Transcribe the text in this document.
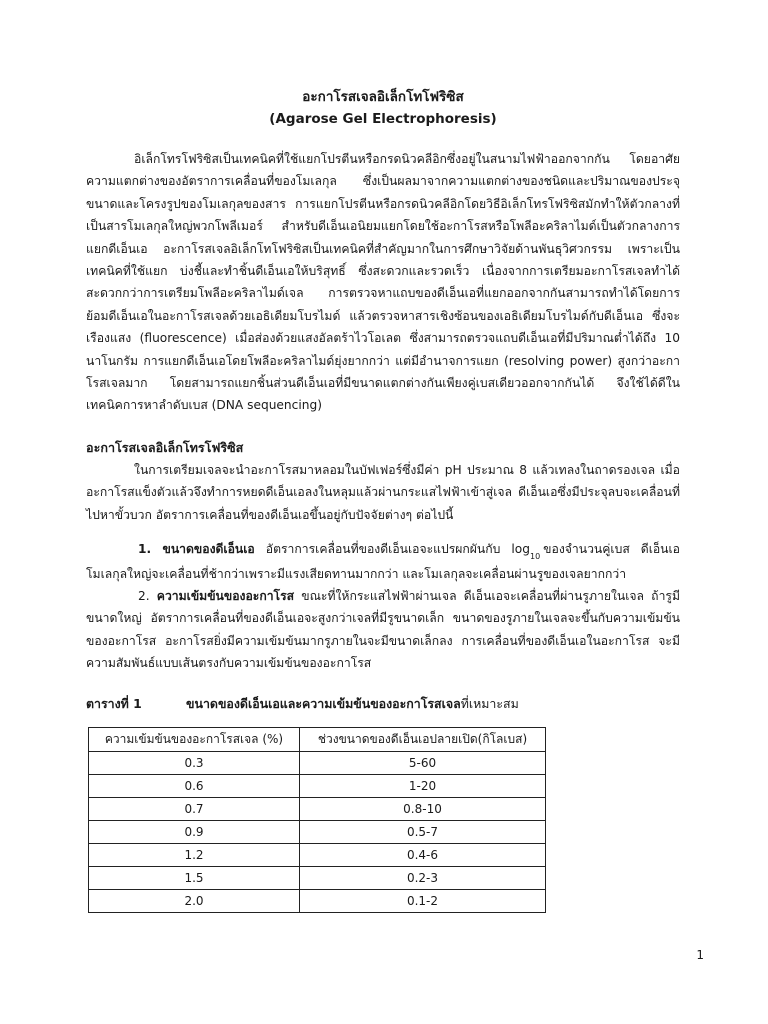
อะกาโรสเจลอิเล็กโทโฟริซิส
(Agarose Gel Electrophoresis)

อิเล็กโทรโฟริซิสเป็นเทคนิคที่ใช้แยกโปรตีนหรือกรดนิวคลีอิกซึ่งอยู่ในสนามไฟฟ้าออกจากกัน โดยอาศัย ความแตกต่างของอัตราการเคลื่อนที่ของโมเลกุล ซึ่งเป็นผลมาจากความแตกต่างของชนิดและปริมาณของประจุ ขนาดและโครงรูปของโมเลกุลของสาร การแยกโปรตีนหรือกรดนิวคลีอิกโดยวิธีอิเล็กโทรโฟริซิสมักทำให้ตัวกลางที่เป็นสารโมเลกุลใหญ่พวกโพลีเมอร์ สำหรับดีเอ็นเอนิยมแยกโดยใช้อะกาโรสหรือโพลีอะคริลาไมด์เป็นตัวกลางการแยกดีเอ็นเอ อะกาโรสเจลอิเล็กโทโฟริซิสเป็นเทคนิคที่สำคัญมากในการศึกษาวิจัยด้านพันธุวิศวกรรม เพราะเป็นเทคนิคที่ใช้แยก บ่งชี้และทำชิ้นดีเอ็นเอให้บริสุทธิ์ ซึ่งสะดวกและรวดเร็ว เนื่องจากการเตรียมอะกาโรสเจลทำได้สะดวกกว่าการเตรียมโพลีอะคริลาไมด์เจล การตรวจหาแถบของดีเอ็นเอที่แยกออกจากกันสามารถทำได้โดยการย้อมดีเอ็นเอในอะกาโรสเจลด้วยเอธิเดียมโบรไมด์ แล้วตรวจหาสารเชิงซ้อนของเอธิเดียมโบรไมด์กับดีเอ็นเอ ซึ่งจะเรืองแสง (fluorescence) เมื่อส่องด้วยแสงอัลตร้าไวโอเลต ซึ่งสามารถตรวจแถบดีเอ็นเอที่มีปริมาณต่ำได้ถึง 10 นาโนกรัม การแยกดีเอ็นเอโดยโพลีอะคริลาไมด์ยุ่งยากกว่า แต่มีอำนาจการแยก (resolving power) สูงกว่าอะกาโรสเจลมาก โดยสามารถแยกชิ้นส่วนดีเอ็นเอที่มีขนาดแตกต่างกันเพียงคู่เบสเดียวออกจากกันได้ จึงใช้ได้ดีในเทคนิคการหาลำดับเบส (DNA sequencing)

อะกาโรสเจลอิเล็กโทรโฟริซิส

ในการเตรียมเจลจะนำอะกาโรสมาหลอมในบัฟเฟอร์ซึ่งมีค่า pH ประมาณ 8 แล้วเทลงในถาดรองเจล เมื่ออะกาโรสแข็งตัวแล้วจึงทำการหยดดีเอ็นเอลงในหลุมแล้วผ่านกระแสไฟฟ้าเข้าสู่เจล ดีเอ็นเอซึ่งมีประจุลบจะเคลื่อนที่ไปหาขั้วบวก อัตราการเคลื่อนที่ของดีเอ็นเอขึ้นอยู่กับปัจจัยต่างๆ ต่อไปนี้

1. ขนาดของดีเอ็นเอ อัตราการเคลื่อนที่ของดีเอ็นเอจะแปรผกผันกับ $\log_{10}$ของจำนวนคู่เบส ดีเอ็นเอโมเลกุลใหญ่จะเคลื่อนที่ช้ากว่าเพราะมีแรงเสียดทานมากกว่า และโมเลกุลจะเคลื่อนผ่านรูของเจลยากกว่า

2. ความเข้มข้นของอะกาโรส ขณะที่ให้กระแสไฟฟ้าผ่านเจล ดีเอ็นเอจะเคลื่อนที่ผ่านรูภายในเจล ถ้ารูมีขนาดใหญ่ อัตราการเคลื่อนที่ของดีเอ็นเอจะสูงกว่าเจลที่มีรูขนาดเล็ก ขนาดของรูภายในเจลจะขึ้นกับความเข้มข้นของอะกาโรส อะกาโรสยิ่งมีความเข้มข้นมากรูภายในจะมีขนาดเล็กลง การเคลื่อนที่ของดีเอ็นเอในอะกาโรส จะมีความสัมพันธ์แบบเส้นตรงกับความเข้มข้นของอะกาโรส

ตารางที่ 1	ขนาดของดีเอ็นเอและความเข้มข้นของอะกาโรสเจลที่เหมาะสม
ความเข้มข้นของอะกาโรสเจล (%)	ช่วงขนาดของดีเอ็นเอปลายเปิด(กิโลเบส)
0.3	5-60
0.6	1-20
0.7	0.8-10
0.9	0.5-7
1.2	0.4-6
1.5	0.2-3
2.0	0.1-2
1
